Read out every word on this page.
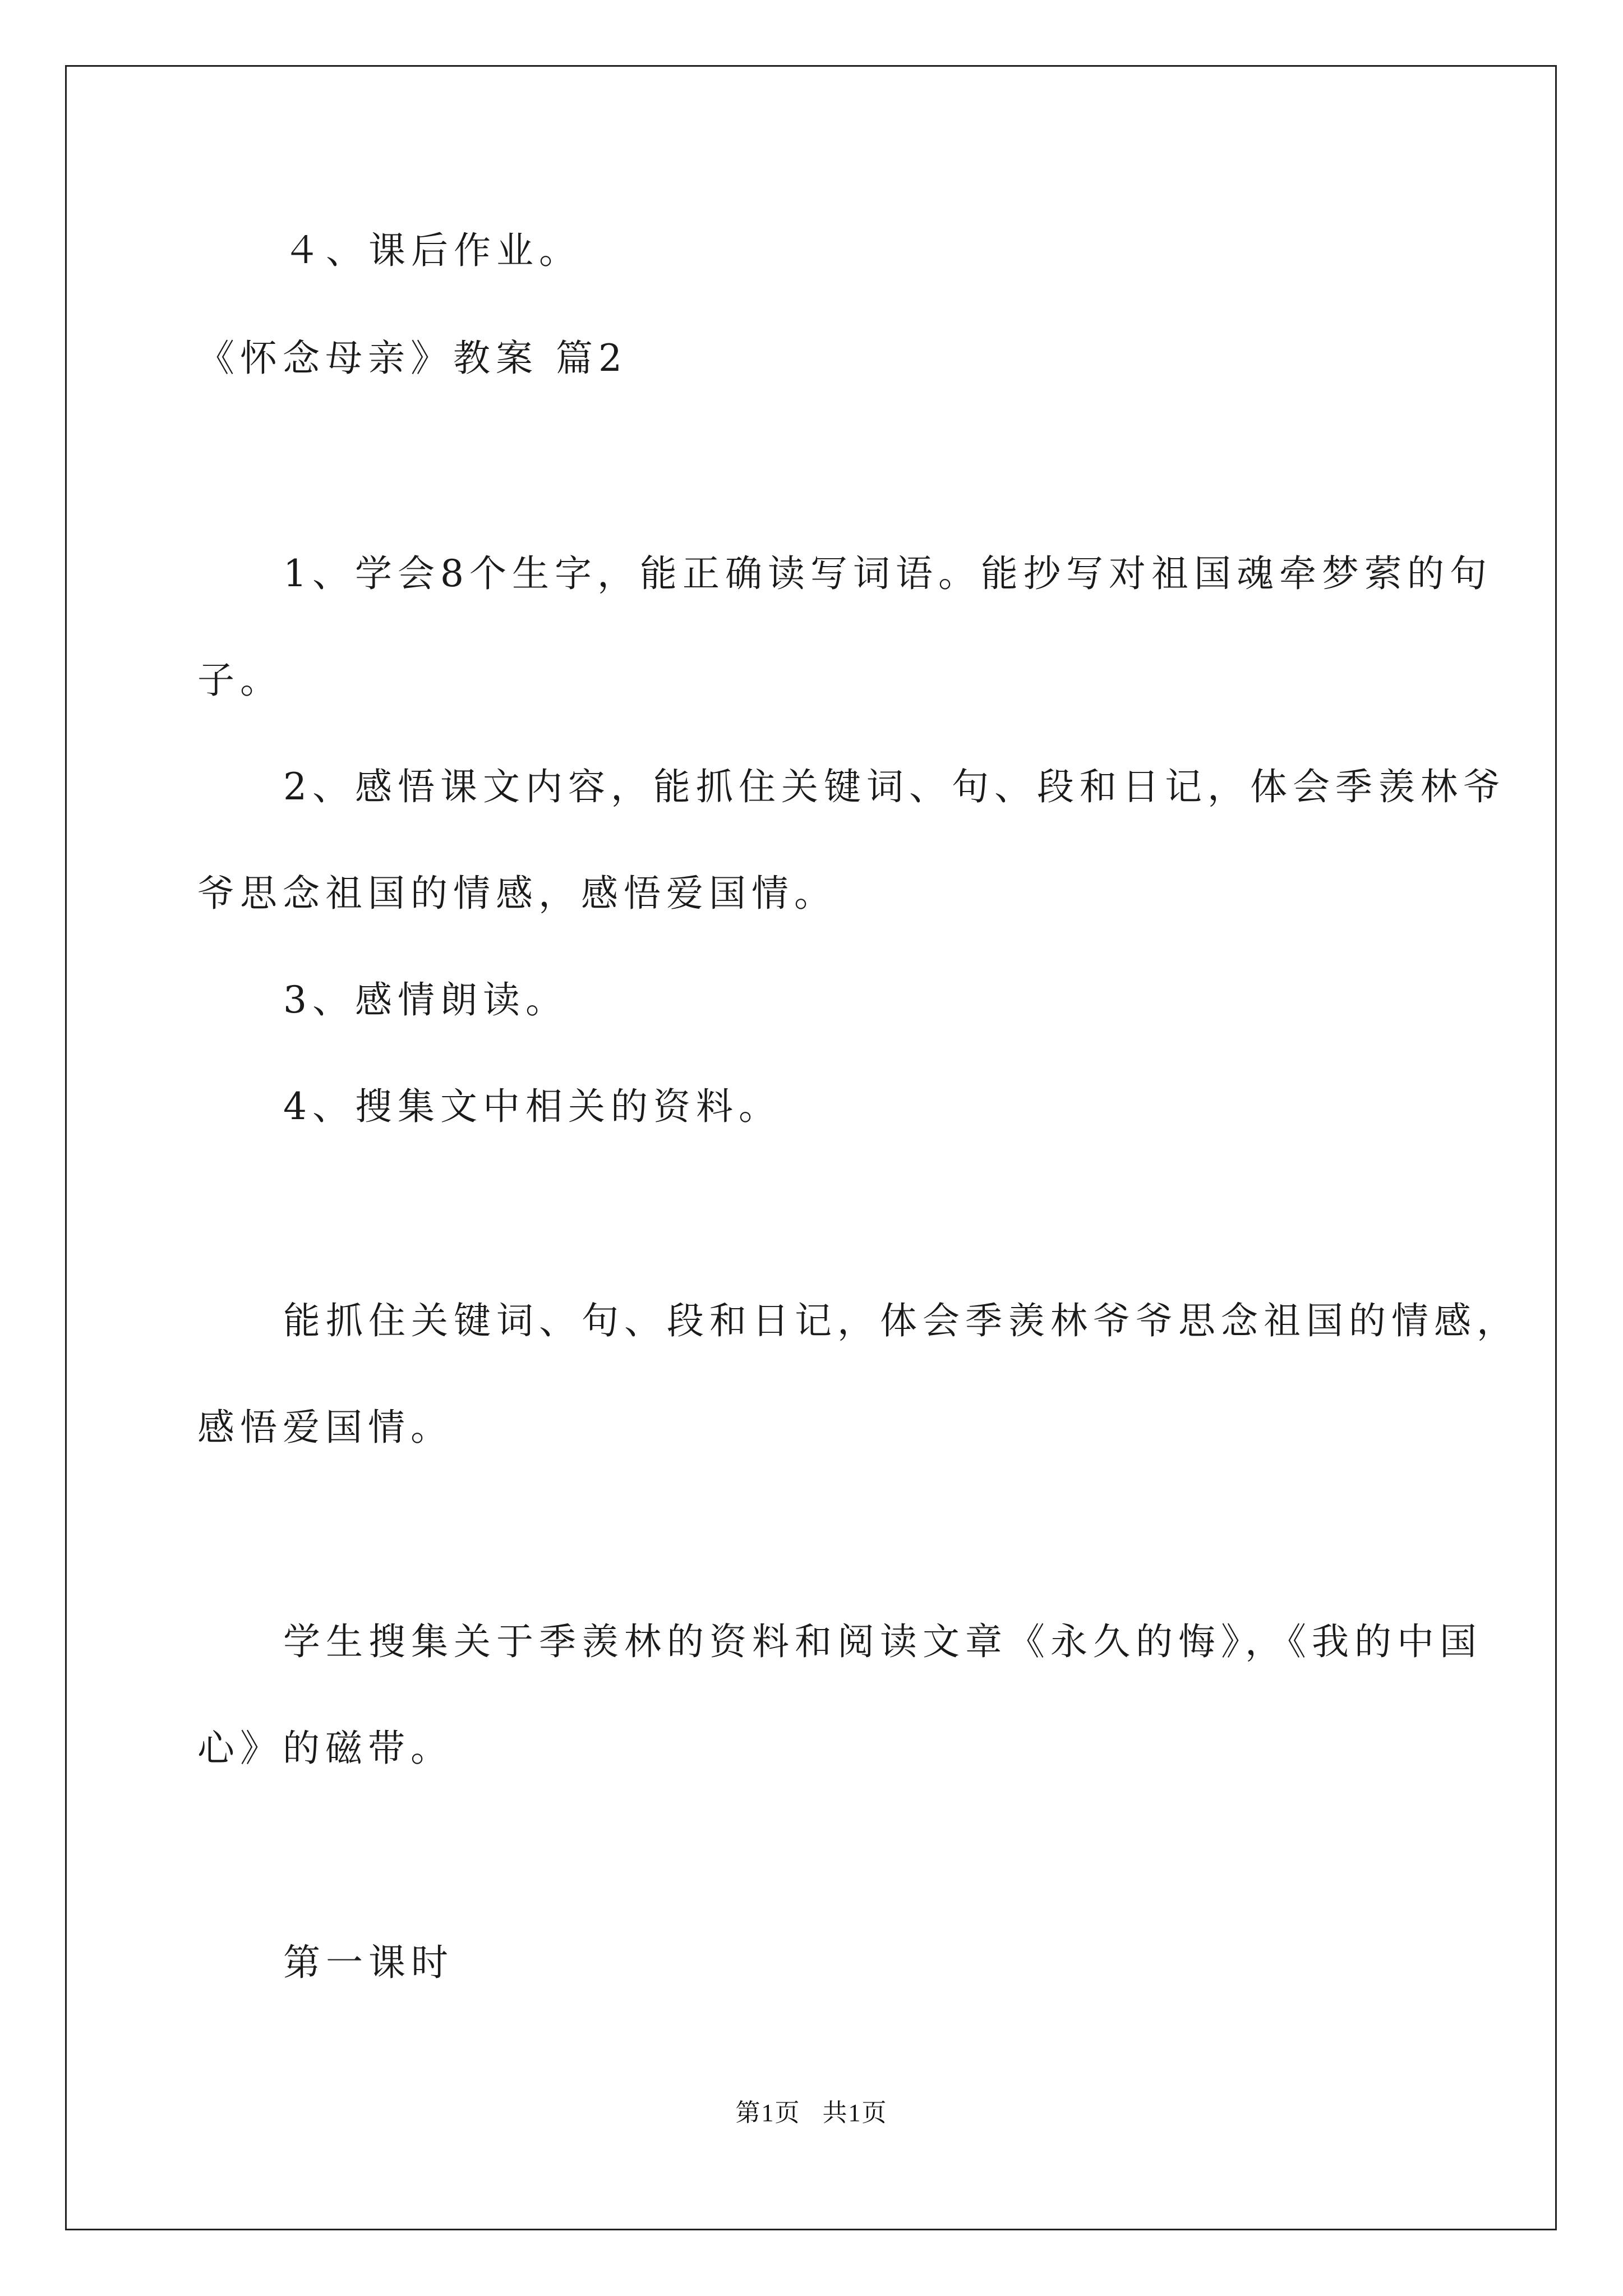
４、课后作业。
《怀念母亲》教案 篇2
1、学会8个生字，能正确读写词语。能抄写对祖国魂牵梦萦的句
子。
2、感悟课文内容，能抓住关键词、句、段和日记，体会季羡林爷
爷思念祖国的情感，感悟爱国情。
3、感情朗读。
4、搜集文中相关的资料。
能抓住关键词、句、段和日记，体会季羡林爷爷思念祖国的情感，
感悟爱国情。
学生搜集关于季羡林的资料和阅读文章《永久的悔》，《我的中国
心》的磁带。
第一课时
第1页 共1页
